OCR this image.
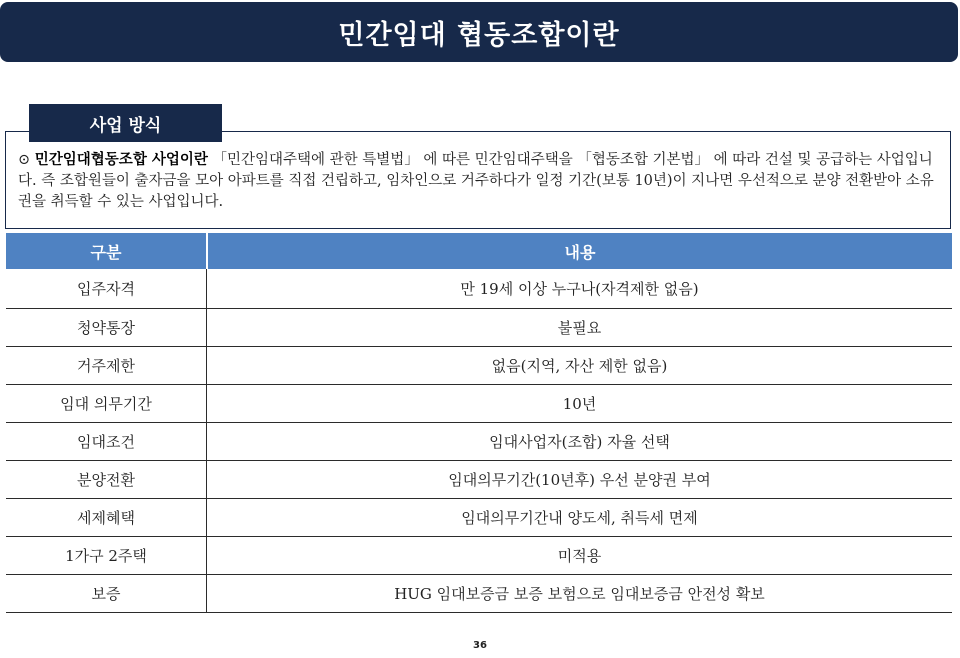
민간임대 협동조합이란
사업 방식
⊙ 민간임대협동조합 사업이란 「민간임대주택에 관한 특별법」 에 따른 민간임대주택을 「협동조합 기본법」 에 따라 건설 및 공급하는 사업입니다. 즉 조합원들이 출자금을 모아 아파트를 직접 건립하고, 임차인으로 거주하다가 일정 기간(보통 10년)이 지나면 우선적으로 분양 전환받아 소유권을 취득할 수 있는 사업입니다.
구분	내용
입주자격	만 19세 이상 누구나(자격제한 없음)
청약통장	불필요
거주제한	없음(지역, 자산 제한 없음)
임대 의무기간	10년
임대조건	임대사업자(조합) 자율 선택
분양전환	임대의무기간(10년후) 우선 분양권 부여
세제혜택	임대의무기간내 양도세, 취득세 면제
1가구 2주택	미적용
보증	HUG 임대보증금 보증 보험으로 임대보증금 안전성 확보
36
